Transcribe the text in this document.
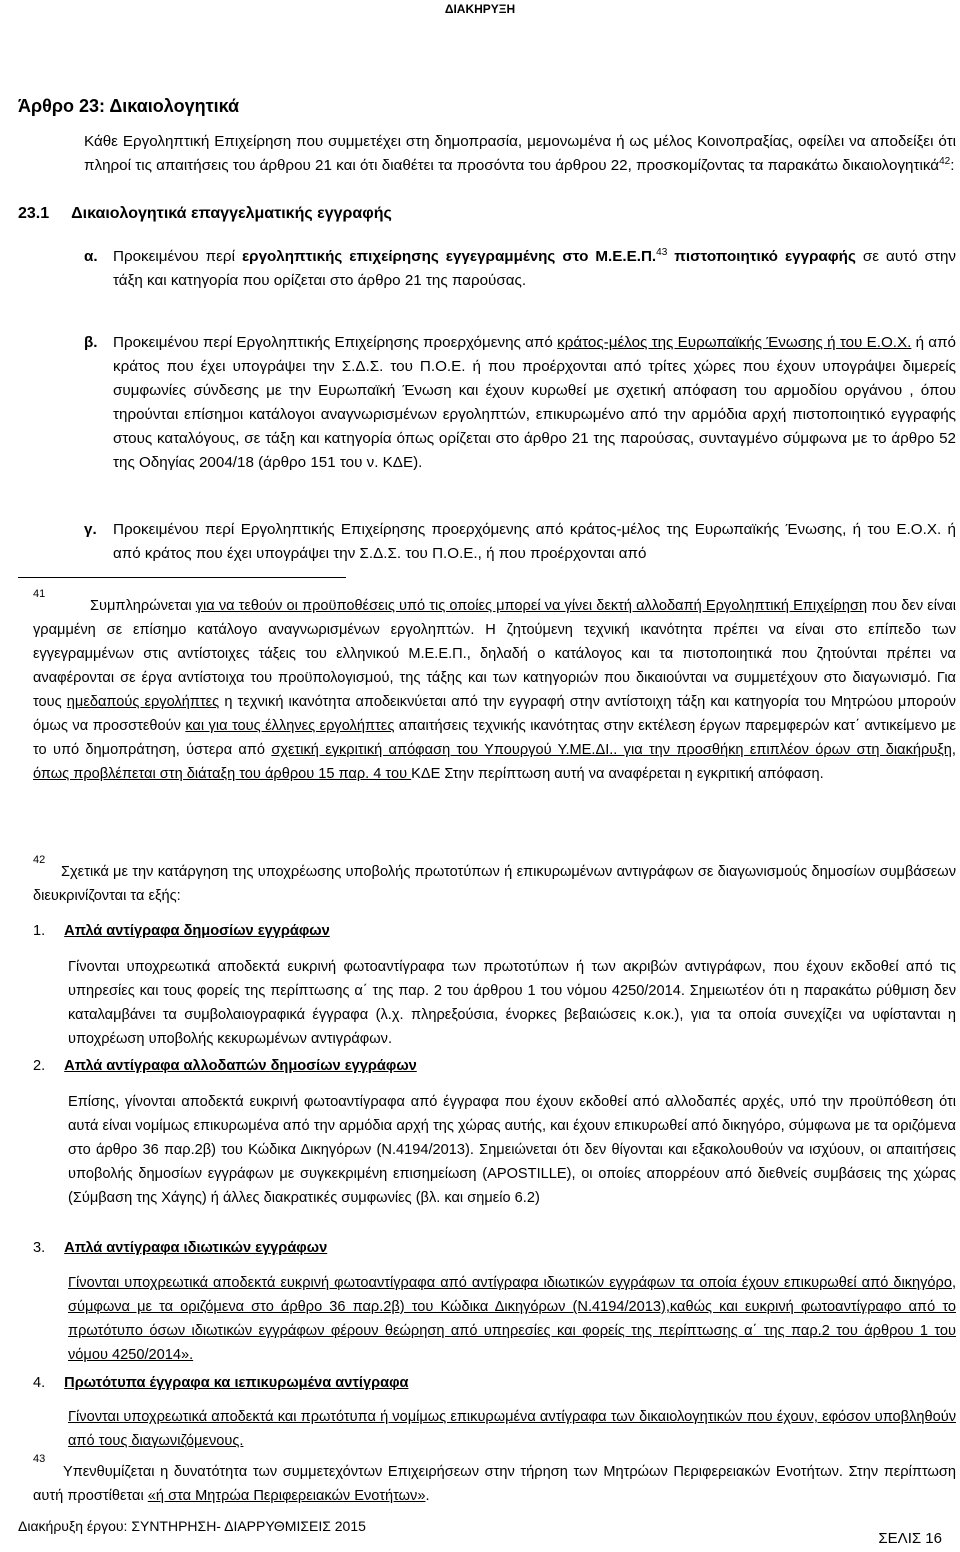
ΔΙΑΚΗΡΥΞΗ
Άρθρο 23: Δικαιολογητικά
Κάθε Εργοληπτική Επιχείρηση που συμμετέχει στη δημοπρασία, μεμονωμένα ή ως μέλος Κοινοπραξίας, οφείλει να αποδείξει ότι πληροί τις απαιτήσεις του άρθρου 21 και ότι διαθέτει τα προσόντα του άρθρου 22, προσκομίζοντας τα παρακάτω δικαιολογητικά$^{42}$:
23.1 Δικαιολογητικά επαγγελματικής εγγραφής
α. Προκειμένου περί εργοληπτικής επιχείρησης εγγεγραμμένης στο Μ.Ε.Ε.Π.$^{43}$ πιστοποιητικό εγγραφής σε αυτό στην τάξη και κατηγορία που ορίζεται στο άρθρο 21 της παρούσας.
β. Προκειμένου περί Εργοληπτικής Επιχείρησης προερχόμενης από κράτος-μέλος της Ευρωπαϊκής Ένωσης ή του Ε.Ο.Χ. ή από κράτος που έχει υπογράψει την Σ.Δ.Σ. του Π.Ο.Ε. ή που προέρχονται από τρίτες χώρες που έχουν υπογράψει διμερείς συμφωνίες σύνδεσης με την Ευρωπαϊκή Ένωση και έχουν κυρωθεί με σχετική απόφαση του αρμοδίου οργάνου , όπου τηρούνται επίσημοι κατάλογοι αναγνωρισμένων εργοληπτών, επικυρωμένο από την αρμόδια αρχή πιστοποιητικό εγγραφής στους καταλόγους, σε τάξη και κατηγορία όπως ορίζεται στο άρθρο 21 της παρούσας, συνταγμένο σύμφωνα με το άρθρο 52 της Οδηγίας 2004/18 (άρθρο 151 του ν. ΚΔΕ).
γ. Προκειμένου περί Εργοληπτικής Επιχείρησης προερχόμενης από κράτος-μέλος της Ευρωπαϊκής Ένωσης, ή του Ε.Ο.Χ. ή από κράτος που έχει υπογράψει την Σ.Δ.Σ. του Π.Ο.Ε., ή που προέρχονται από
41
Συμπληρώνεται για να τεθούν οι προϋποθέσεις υπό τις οποίες μπορεί να γίνει δεκτή αλλοδαπή Εργοληπτική Επιχείρηση που δεν είναι γραμμένη σε επίσημο κατάλογο αναγνωρισμένων εργοληπτών. Η ζητούμενη τεχνική ικανότητα πρέπει να είναι στο επίπεδο των εγγεγραμμένων στις αντίστοιχες τάξεις του ελληνικού Μ.Ε.Ε.Π., δηλαδή ο κατάλογος και τα πιστοποιητικά που ζητούνται πρέπει να αναφέρονται σε έργα αντίστοιχα του προϋπολογισμού, της τάξης και των κατηγοριών που δικαιούνται να συμμετέχουν στο διαγωνισμό. Για τους ημεδαπούς εργολήπτες η τεχνική ικανότητα αποδεικνύεται από την εγγραφή στην αντίστοιχη τάξη και κατηγορία του Μητρώου μπορούν όμως να προσστεθούν και για τους έλληνες εργολήπτες απαιτήσεις τεχνικής ικανότητας στην εκτέλεση έργων παρεμφερών κατ΄ αντικείμενο με το υπό δημοπράτηση, ύστερα από σχετική εγκριτική απόφαση του Υπουργού Υ.ΜΕ.ΔΙ.. για την προσθήκη επιπλέον όρων στη διακήρυξη, όπως προβλέπεται στη διάταξη του άρθρου 15 παρ. 4 του ΚΔΕ Στην περίπτωση αυτή να αναφέρεται η εγκριτική απόφαση.
42
Σχετικά με την κατάργηση της υποχρέωσης υποβολής πρωτοτύπων ή επικυρωμένων αντιγράφων σε διαγωνισμούς δημοσίων συμβάσεων διευκρινίζονται τα εξής:
1. Απλά αντίγραφα δημοσίων εγγράφων
Γίνονται υποχρεωτικά αποδεκτά ευκρινή φωτοαντίγραφα των πρωτοτύπων ή των ακριβών αντιγράφων, που έχουν εκδοθεί από τις υπηρεσίες και τους φορείς της περίπτωσης α΄ της παρ. 2 του άρθρου 1 του νόμου 4250/2014. Σημειωτέον ότι η παρακάτω ρύθμιση δεν καταλαμβάνει τα συμβολαιογραφικά έγγραφα (λ.χ. πληρεξούσια, ένορκες βεβαιώσεις κ.οκ.), για τα οποία συνεχίζει να υφίστανται η υποχρέωση υποβολής κεκυρωμένων αντιγράφων.
2. Απλά αντίγραφα αλλοδαπών δημοσίων εγγράφων
Επίσης, γίνονται αποδεκτά ευκρινή φωτοαντίγραφα από έγγραφα που έχουν εκδοθεί από αλλοδαπές αρχές, υπό την προϋπόθεση ότι αυτά είναι νομίμως επικυρωμένα από την αρμόδια αρχή της χώρας αυτής, και έχουν επικυρωθεί από δικηγόρο, σύμφωνα με τα οριζόμενα στο άρθρο 36 παρ.2β) του Κώδικα Δικηγόρων (Ν.4194/2013). Σημειώνεται ότι δεν θίγονται και εξακολουθούν να ισχύουν, οι απαιτήσεις υποβολής δημοσίων εγγράφων με συγκεκριμένη επισημείωση (APOSTILLE), οι οποίες απορρέουν από διεθνείς συμβάσεις της χώρας (Σύμβαση της Χάγης) ή άλλες διακρατικές συμφωνίες (βλ. και σημείο 6.2)
3. Απλά αντίγραφα ιδιωτικών εγγράφων
Γίνονται υποχρεωτικά αποδεκτά ευκρινή φωτοαντίγραφα από αντίγραφα ιδιωτικών εγγράφων τα οποία έχουν επικυρωθεί από δικηγόρο, σύμφωνα με τα οριζόμενα στο άρθρο 36 παρ.2β) του Κώδικα Δικηγόρων (Ν.4194/2013),καθώς και ευκρινή φωτοαντίγραφο από το πρωτότυπο όσων ιδιωτικών εγγράφων φέρουν θεώρηση από υπηρεσίες και φορείς της περίπτωσης α΄ της παρ.2 του άρθρου 1 του νόμου 4250/2014».
4. Πρωτότυπα έγγραφα κα ιεπικυρωμένα αντίγραφα
Γίνονται υποχρεωτικά αποδεκτά και πρωτότυπα ή νομίμως επικυρωμένα αντίγραφα των δικαιολογητικών που έχουν, εφόσον υποβληθούν από τους διαγωνιζόμενους.
43
Υπενθυμίζεται η δυνατότητα των συμμετεχόντων Επιχειρήσεων στην τήρηση των Μητρώων Περιφερειακών Ενοτήτων. Στην περίπτωση αυτή προστίθεται «ή στα Μητρώα Περιφερειακών Ενοτήτων».
Διακήρυξη έργου: ΣΥΝΤΗΡΗΣΗ- ΔΙΑΡΡΥΘΜΙΣΕΙΣ 2015
ΣΕΛΙΣ 16
